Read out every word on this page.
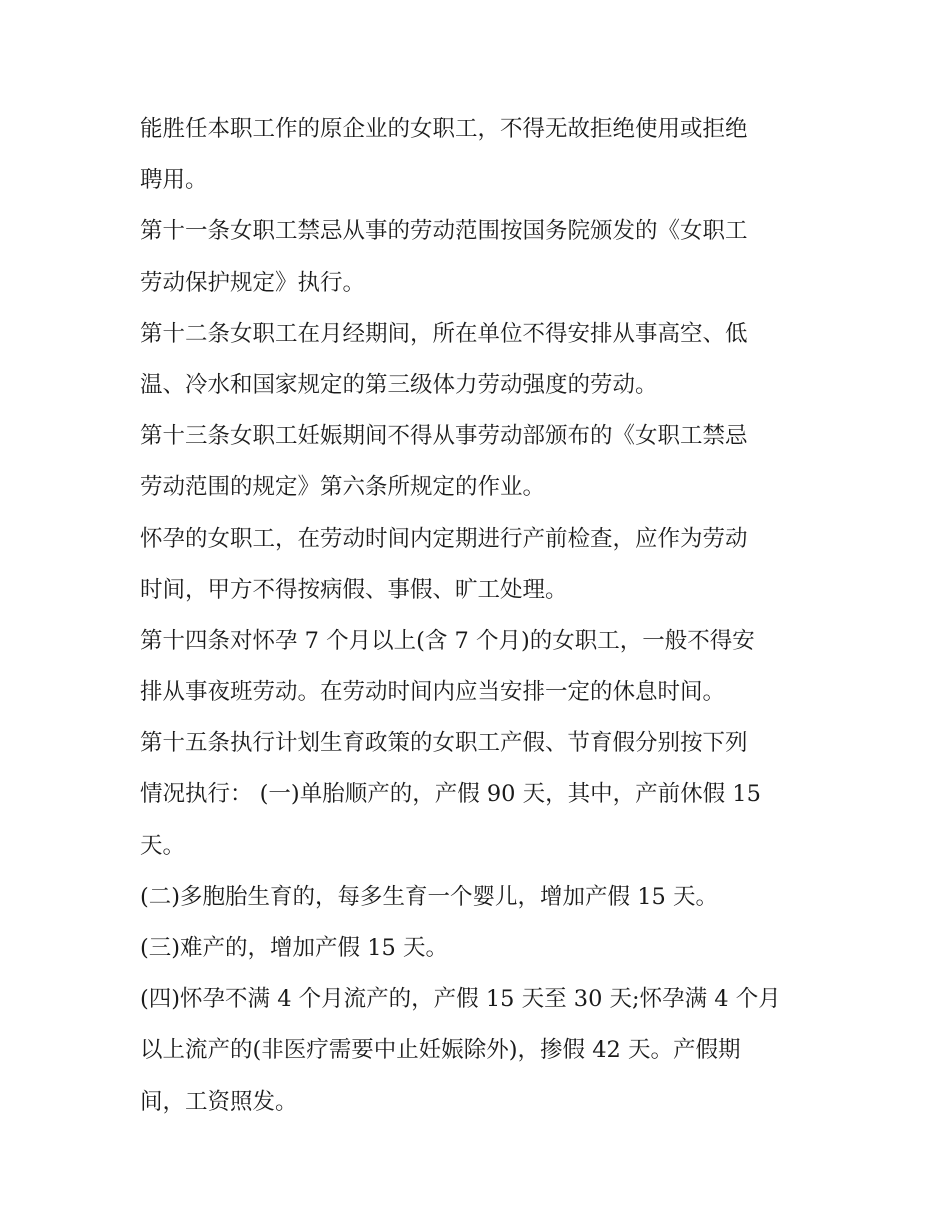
能胜任本职工作的原企业的女职工，不得无故拒绝使用或拒绝
聘用。
第十一条女职工禁忌从事的劳动范围按国务院颁发的《女职工
劳动保护规定》执行。
第十二条女职工在月经期间，所在单位不得安排从事高空、低
温、冷水和国家规定的第三级体力劳动强度的劳动。
第十三条女职工妊娠期间不得从事劳动部颁布的《女职工禁忌
劳动范围的规定》第六条所规定的作业。
怀孕的女职工，在劳动时间内定期进行产前检查，应作为劳动
时间，甲方不得按病假、事假、旷工处理。
第十四条对怀孕 7 个月以上(含 7 个月)的女职工，一般不得安
排从事夜班劳动。在劳动时间内应当安排一定的休息时间。
第十五条执行计划生育政策的女职工产假、节育假分别按下列
情况执行： (一)单胎顺产的，产假 90 天，其中，产前休假 15
天。
(二)多胞胎生育的，每多生育一个婴儿，增加产假 15 天。
(三)难产的，增加产假 15 天。
(四)怀孕不满 4 个月流产的，产假 15 天至 30 天;怀孕满 4 个月
以上流产的(非医疗需要中止妊娠除外)，掺假 42 天。产假期
间，工资照发。
